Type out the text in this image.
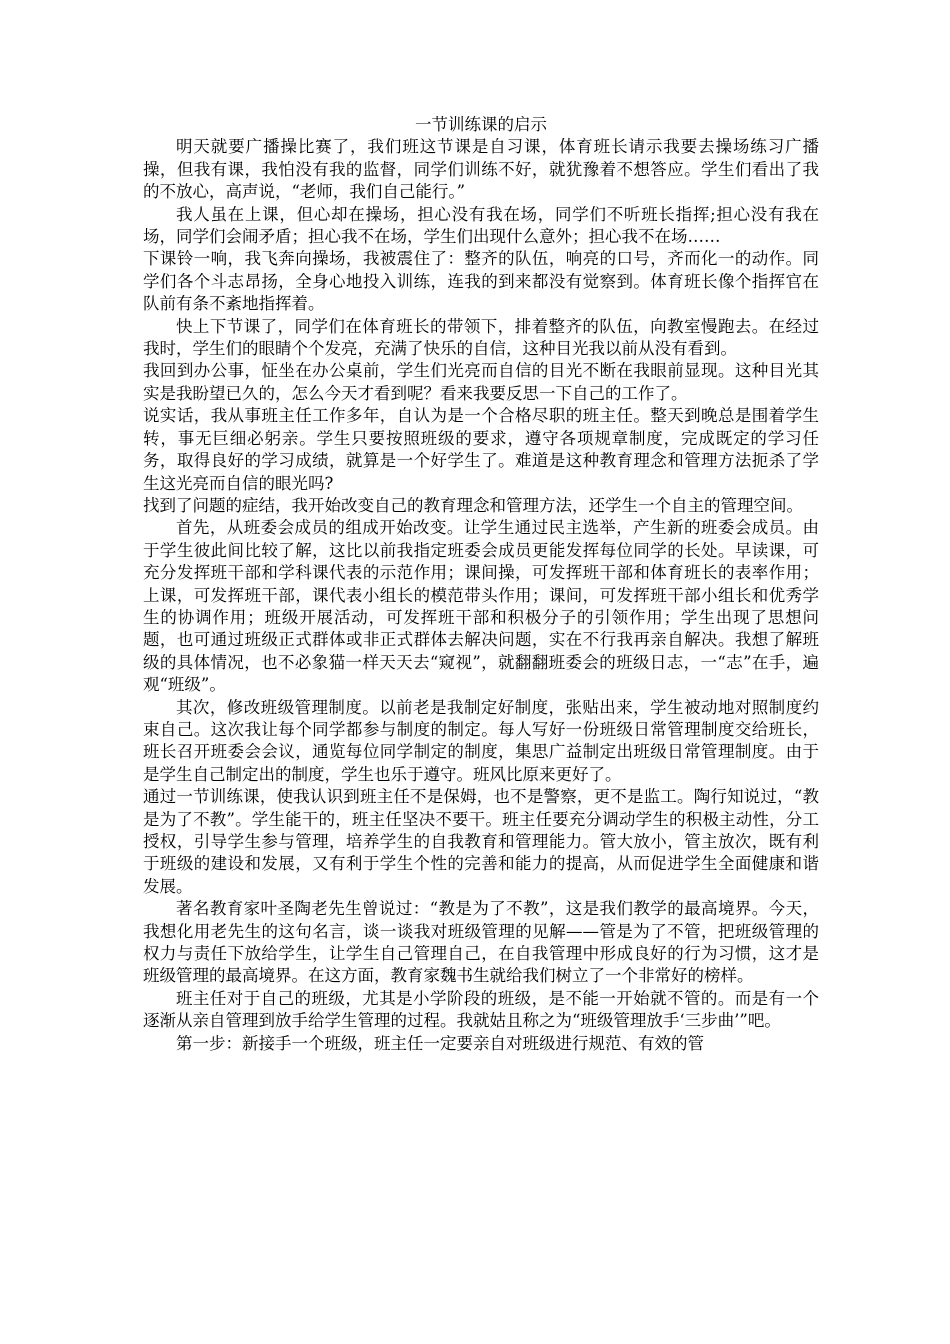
一节训练课的启示

明天就要广播操比赛了，我们班这节课是自习课，体育班长请示我要去操场练习广播操，但我有课，我怕没有我的监督，同学们训练不好，就犹豫着不想答应。学生们看出了我的不放心，高声说，“老师，我们自己能行。”

我人虽在上课，但心却在操场，担心没有我在场，同学们不听班长指挥;担心没有我在场，同学们会闹矛盾；担心我不在场，学生们出现什么意外；担心我不在场……

下课铃一响，我飞奔向操场，我被震住了：整齐的队伍，响亮的口号，齐而化一的动作。同学们各个斗志昂扬，全身心地投入训练，连我的到来都没有觉察到。体育班长像个指挥官在队前有条不紊地指挥着。

快上下节课了，同学们在体育班长的带领下，排着整齐的队伍，向教室慢跑去。在经过我时，学生们的眼睛个个发亮，充满了快乐的自信，这种目光我以前从没有看到。

我回到办公事，怔坐在办公桌前，学生们光亮而自信的目光不断在我眼前显现。这种目光其实是我盼望已久的，怎么今天才看到呢？看来我要反思一下自己的工作了。

说实话，我从事班主任工作多年，自认为是一个合格尽职的班主任。整天到晚总是围着学生转，事无巨细必躬亲。学生只要按照班级的要求，遵守各项规章制度，完成既定的学习任务，取得良好的学习成绩，就算是一个好学生了。难道是这种教育理念和管理方法扼杀了学生这光亮而自信的眼光吗?

找到了问题的症结，我开始改变自己的教育理念和管理方法，还学生一个自主的管理空间。

首先，从班委会成员的组成开始改变。让学生通过民主选举，产生新的班委会成员。由于学生彼此间比较了解，这比以前我指定班委会成员更能发挥每位同学的长处。早读课，可充分发挥班干部和学科课代表的示范作用；课间操，可发挥班干部和体育班长的表率作用；上课，可发挥班干部，课代表小组长的模范带头作用；课间，可发挥班干部小组长和优秀学生的协调作用；班级开展活动，可发挥班干部和积极分子的引领作用；学生出现了思想问题，也可通过班级正式群体或非正式群体去解决问题，实在不行我再亲自解决。我想了解班级的具体情况，也不必象猫一样天天去“窥视”，就翻翻班委会的班级日志，一“志”在手，遍观“班级”。

其次，修改班级管理制度。以前老是我制定好制度，张贴出来，学生被动地对照制度约束自己。这次我让每个同学都参与制度的制定。每人写好一份班级日常管理制度交给班长，班长召开班委会会议，通览每位同学制定的制度，集思广益制定出班级日常管理制度。由于是学生自己制定出的制度，学生也乐于遵守。班风比原来更好了。

通过一节训练课，使我认识到班主任不是保姆，也不是警察，更不是监工。陶行知说过，“教是为了不教”。学生能干的，班主任坚决不要干。班主任要充分调动学生的积极主动性，分工授权，引导学生参与管理，培养学生的自我教育和管理能力。管大放小，管主放次，既有利于班级的建设和发展，又有利于学生个性的完善和能力的提高，从而促进学生全面健康和谐发展。

著名教育家叶圣陶老先生曾说过：“教是为了不教”，这是我们教学的最高境界。今天，我想化用老先生的这句名言，谈一谈我对班级管理的见解——管是为了不管，把班级管理的权力与责任下放给学生，让学生自己管理自己，在自我管理中形成良好的行为习惯，这才是班级管理的最高境界。在这方面，教育家魏书生就给我们树立了一个非常好的榜样。

班主任对于自己的班级，尤其是小学阶段的班级，是不能一开始就不管的。而是有一个逐渐从亲自管理到放手给学生管理的过程。我就姑且称之为“班级管理放手‘三步曲’”吧。

第一步：新接手一个班级，班主任一定要亲自对班级进行规范、有效的管
